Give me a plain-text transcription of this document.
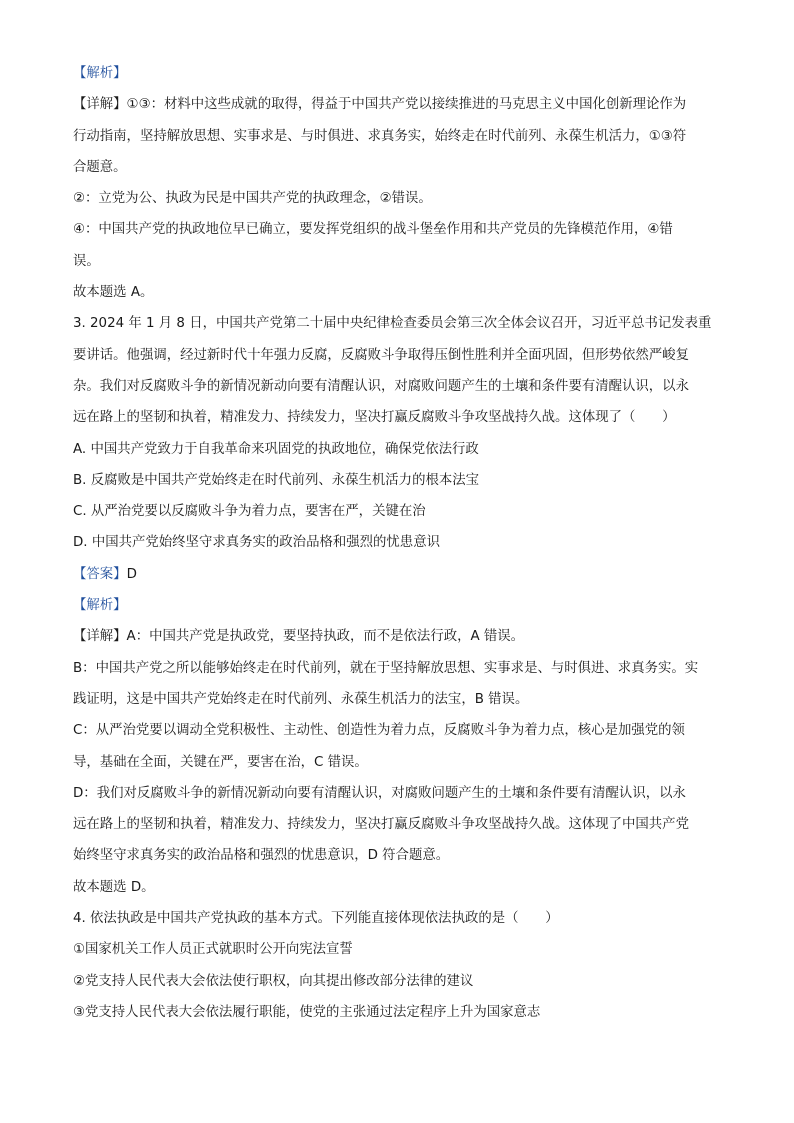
【解析】
【详解】①③：材料中这些成就的取得，得益于中国共产党以接续推进的马克思主义中国化创新理论作为
行动指南，坚持解放思想、实事求是、与时俱进、求真务实，始终走在时代前列、永葆生机活力，①③符
合题意。
②：立党为公、执政为民是中国共产党的执政理念，②错误。
④：中国共产党的执政地位早已确立，要发挥党组织的战斗堡垒作用和共产党员的先锋模范作用，④错
误。
故本题选 A。
3. 2024 年 1 月 8 日，中国共产党第二十届中央纪律检查委员会第三次全体会议召开，习近平总书记发表重
要讲话。他强调，经过新时代十年强力反腐，反腐败斗争取得压倒性胜利并全面巩固，但形势依然严峻复
杂。我们对反腐败斗争的新情况新动向要有清醒认识，对腐败问题产生的土壤和条件要有清醒认识，以永
远在路上的坚韧和执着，精准发力、持续发力，坚决打赢反腐败斗争攻坚战持久战。这体现了（　　）
A. 中国共产党致力于自我革命来巩固党的执政地位，确保党依法行政
B. 反腐败是中国共产党始终走在时代前列、永葆生机活力的根本法宝
C. 从严治党要以反腐败斗争为着力点，要害在严，关键在治
D. 中国共产党始终坚守求真务实的政治品格和强烈的忧患意识
【答案】D
【解析】
【详解】A：中国共产党是执政党，要坚持执政，而不是依法行政，A 错误。
B：中国共产党之所以能够始终走在时代前列，就在于坚持解放思想、实事求是、与时俱进、求真务实。实
践证明，这是中国共产党始终走在时代前列、永葆生机活力的法宝，B 错误。
C：从严治党要以调动全党积极性、主动性、创造性为着力点，反腐败斗争为着力点，核心是加强党的领
导，基础在全面，关键在严，要害在治，C 错误。
D：我们对反腐败斗争的新情况新动向要有清醒认识，对腐败问题产生的土壤和条件要有清醒认识，以永
远在路上的坚韧和执着，精准发力、持续发力，坚决打赢反腐败斗争攻坚战持久战。这体现了中国共产党
始终坚守求真务实的政治品格和强烈的忧患意识，D 符合题意。
故本题选 D。
4. 依法执政是中国共产党执政的基本方式。下列能直接体现依法执政的是（　　）
①国家机关工作人员正式就职时公开向宪法宣誓
②党支持人民代表大会依法使行职权，向其提出修改部分法律的建议
③党支持人民代表大会依法履行职能，使党的主张通过法定程序上升为国家意志
